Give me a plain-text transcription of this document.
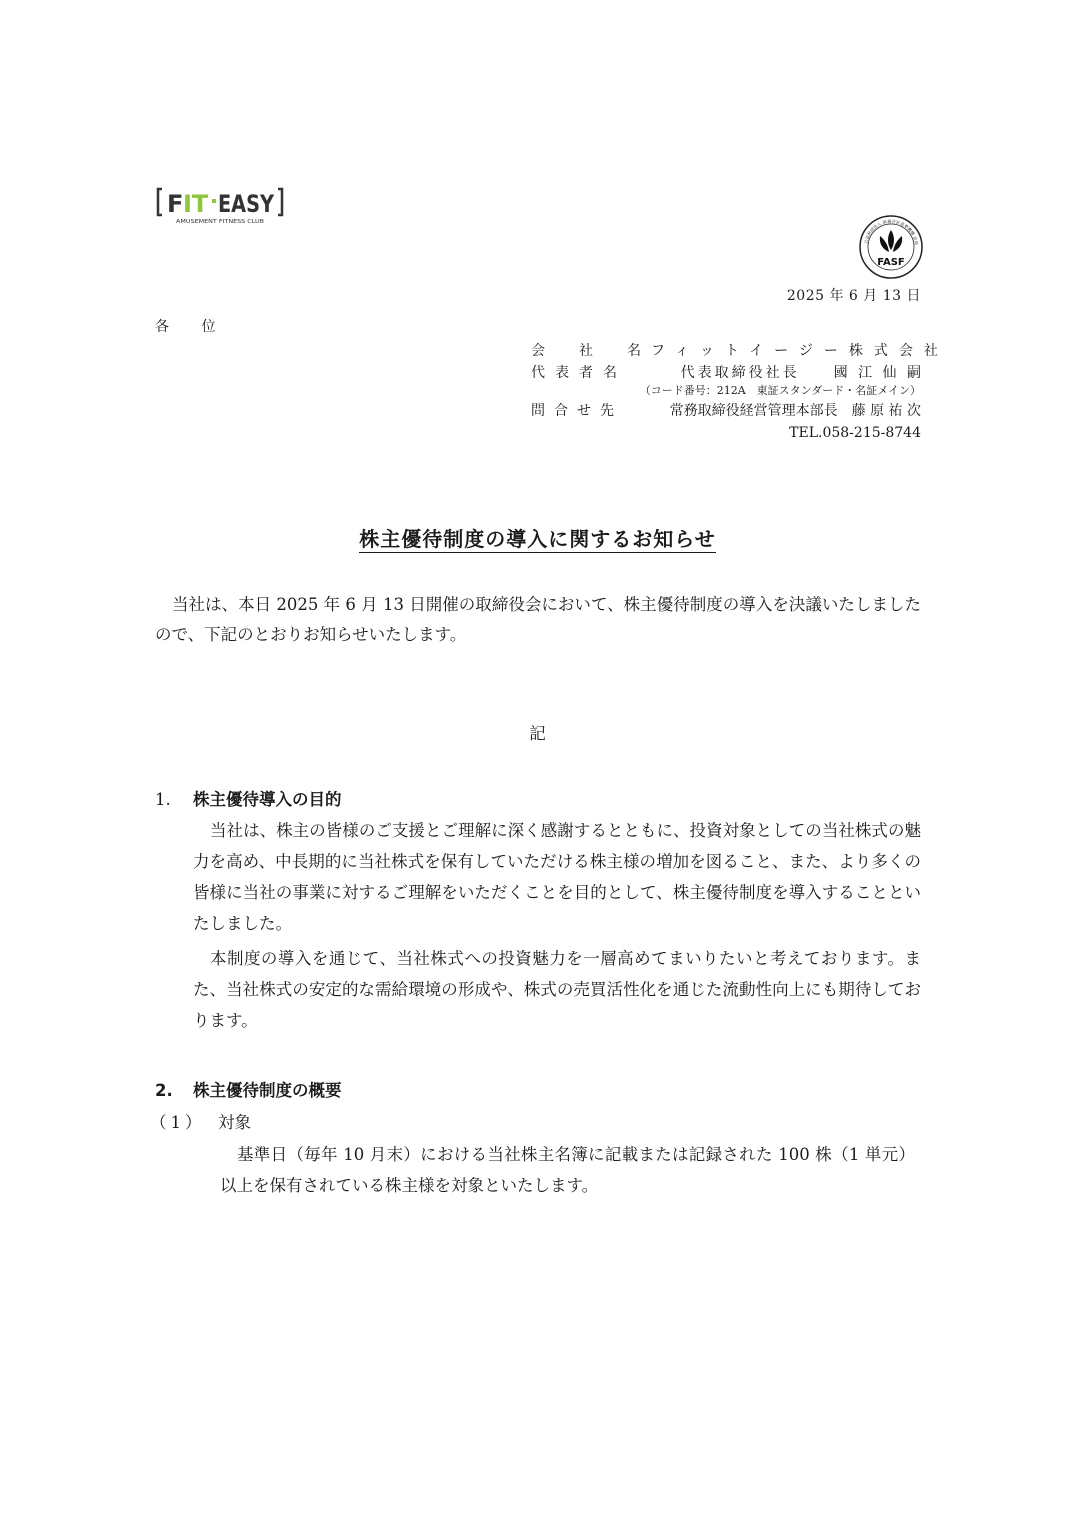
F IT EASY
AMUSEMENT FITNESS CLUB
FASF
公益財団法人 財務会計基準機構 会員
2025 年 6 月 13 日
各 位
会　社　名 フィットイージー株式会社
代表者名	代表取締役社長　　國 江 仙 嗣
（コード番号：212A　東証スタンダード・名証メイン）
問合せ先	常務取締役経営管理本部長　藤 原 祐 次
TEL.058-215-8744
株主優待制度の導入に関するお知らせ
当社は、本日 2025 年 6 月 13 日開催の取締役会において、株主優待制度の導入を決議いたしましたので、下記のとおりお知らせいたします。
記
1. 株主優待導入の目的
当社は、株主の皆様のご支援とご理解に深く感謝するとともに、投資対象としての当社株式の魅力を高め、中長期的に当社株式を保有していただける株主様の増加を図ること、また、より多くの皆様に当社の事業に対するご理解をいただくことを目的として、株主優待制度を導入することといたしました。
本制度の導入を通じて、当社株式への投資魅力を一層高めてまいりたいと考えております。また、当社株式の安定的な需給環境の形成や、株式の売買活性化を通じた流動性向上にも期待しております。
2. 株主優待制度の概要
（1） 対象
基準日（毎年 10 月末）における当社株主名簿に記載または記録された 100 株（1 単元）以上を保有されている株主様を対象といたします。
